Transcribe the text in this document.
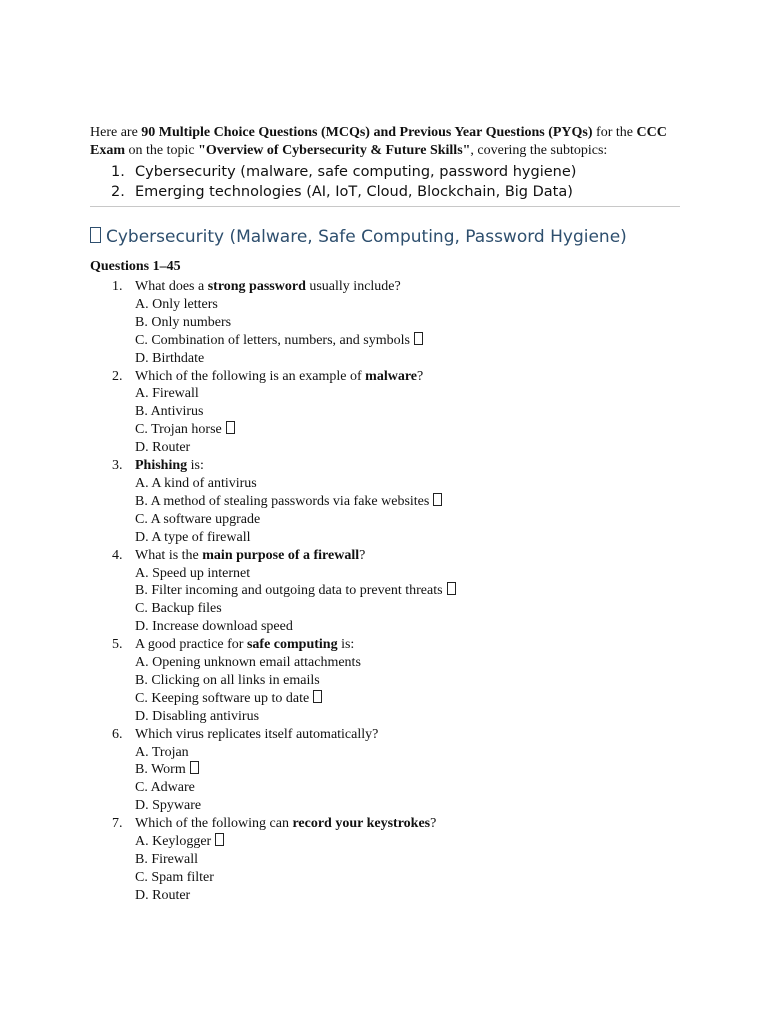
Here are 90 Multiple Choice Questions (MCQs) and Previous Year Questions (PYQs) for the CCC Exam on the topic "Overview of Cybersecurity & Future Skills", covering the subtopics:

1. Cybersecurity (malware, safe computing, password hygiene)
2. Emerging technologies (AI, IoT, Cloud, Blockchain, Big Data)
Cybersecurity (Malware, Safe Computing, Password Hygiene)

Questions 1–45

1. What does a strong password usually include?
A. Only letters
B. Only numbers
C. Combination of letters, numbers, and symbols
D. Birthdate
2. Which of the following is an example of malware?
A. Firewall
B. Antivirus
C. Trojan horse
D. Router
3. Phishing is:
A. A kind of antivirus
B. A method of stealing passwords via fake websites
C. A software upgrade
D. A type of firewall
4. What is the main purpose of a firewall?
A. Speed up internet
B. Filter incoming and outgoing data to prevent threats
C. Backup files
D. Increase download speed
5. A good practice for safe computing is:
A. Opening unknown email attachments
B. Clicking on all links in emails
C. Keeping software up to date
D. Disabling antivirus
6. Which virus replicates itself automatically?
A. Trojan
B. Worm
C. Adware
D. Spyware
7. Which of the following can record your keystrokes?
A. Keylogger
B. Firewall
C. Spam filter
D. Router
